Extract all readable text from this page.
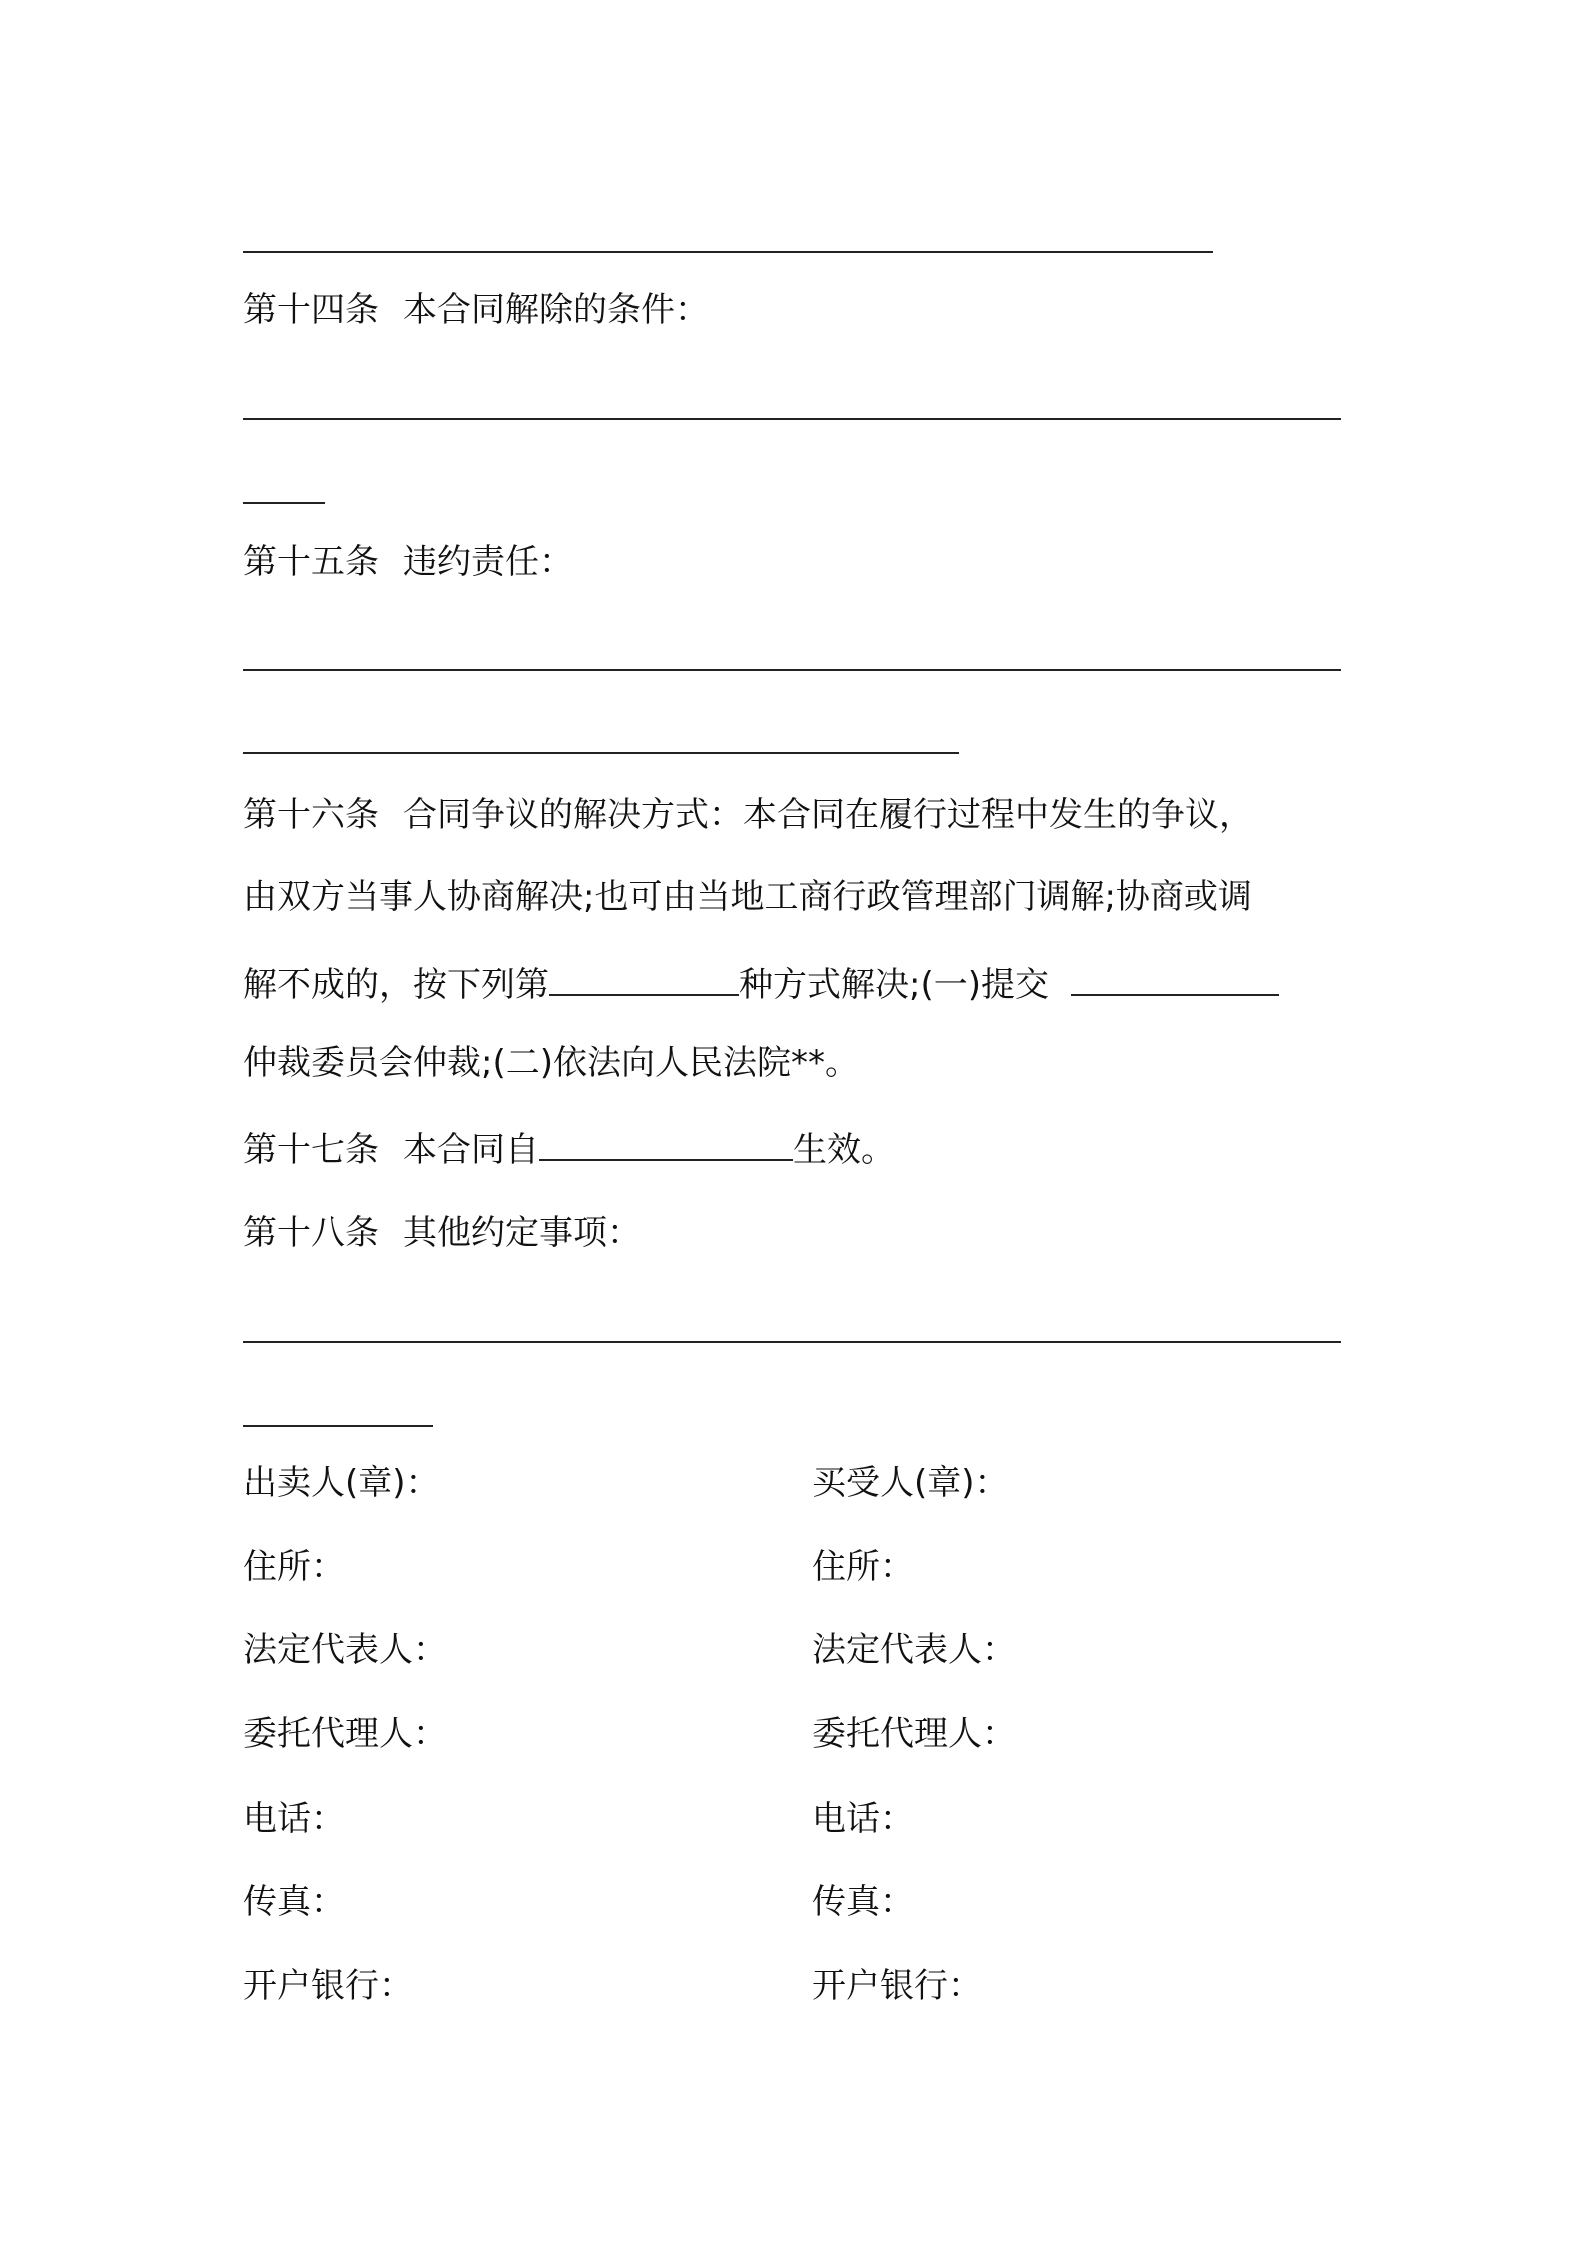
第十四条 本合同解除的条件：
第十五条 违约责任：
第十六条 合同争议的解决方式：本合同在履行过程中发生的争议，
由双方当事人协商解决;也可由当地工商行政管理部门调解;协商或调
解不成的，按下列第	种方式解决;(一)提交
仲裁委员会仲裁;(二)依法向人民法院**。
第十七条 本合同自	生效。
第十八条 其他约定事项：
出卖人(章)：
住所：
法定代表人：
委托代理人：
电话：
传真：
开户银行：
买受人(章)：
住所：
法定代表人：
委托代理人：
电话：
传真：
开户银行：
